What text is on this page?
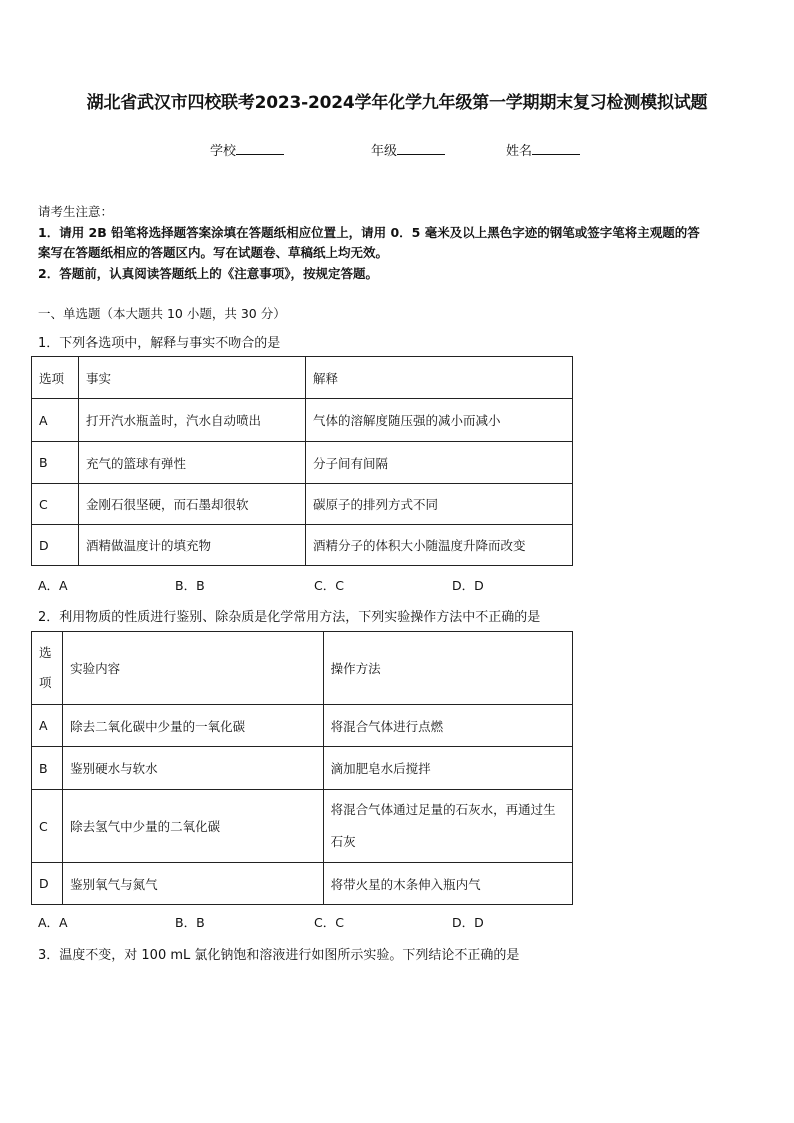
湖北省武汉市四校联考2023-2024学年化学九年级第一学期期末复习检测模拟试题
学校	年级	姓名
请考生注意：
1．请用 2B 铅笔将选择题答案涂填在答题纸相应位置上，请用 0．5 毫米及以上黑色字迹的钢笔或签字笔将主观题的答
案写在答题纸相应的答题区内。写在试题卷、草稿纸上均无效。
2．答题前，认真阅读答题纸上的《注意事项》，按规定答题。
一、单选题（本大题共 10 小题，共 30 分）
1．下列各选项中，解释与事实不吻合的是
选项	事实	解释
A	打开汽水瓶盖时，汽水自动喷出	气体的溶解度随压强的减小而减小
B	充气的篮球有弹性	分子间有间隔
C	金刚石很坚硬，而石墨却很软	碳原子的排列方式不同
D	酒精做温度计的填充物	酒精分子的体积大小随温度升降而改变
A．A	B．B	C．C	D．D
2．利用物质的性质进行鉴别、除杂质是化学常用方法，下列实验操作方法中不正确的是
选项	实验内容	操作方法
A	除去二氧化碳中少量的一氧化碳	将混合气体进行点燃
B	鉴别硬水与软水	滴加肥皂水后搅拌
C	除去氢气中少量的二氧化碳	将混合气体通过足量的石灰水，再通过生石灰
D	鉴别氧气与氮气	将带火星的木条伸入瓶内气
A．A	B．B	C．C	D．D
3．温度不变，对 100 mL 氯化钠饱和溶液进行如图所示实验。下列结论不正确的是
